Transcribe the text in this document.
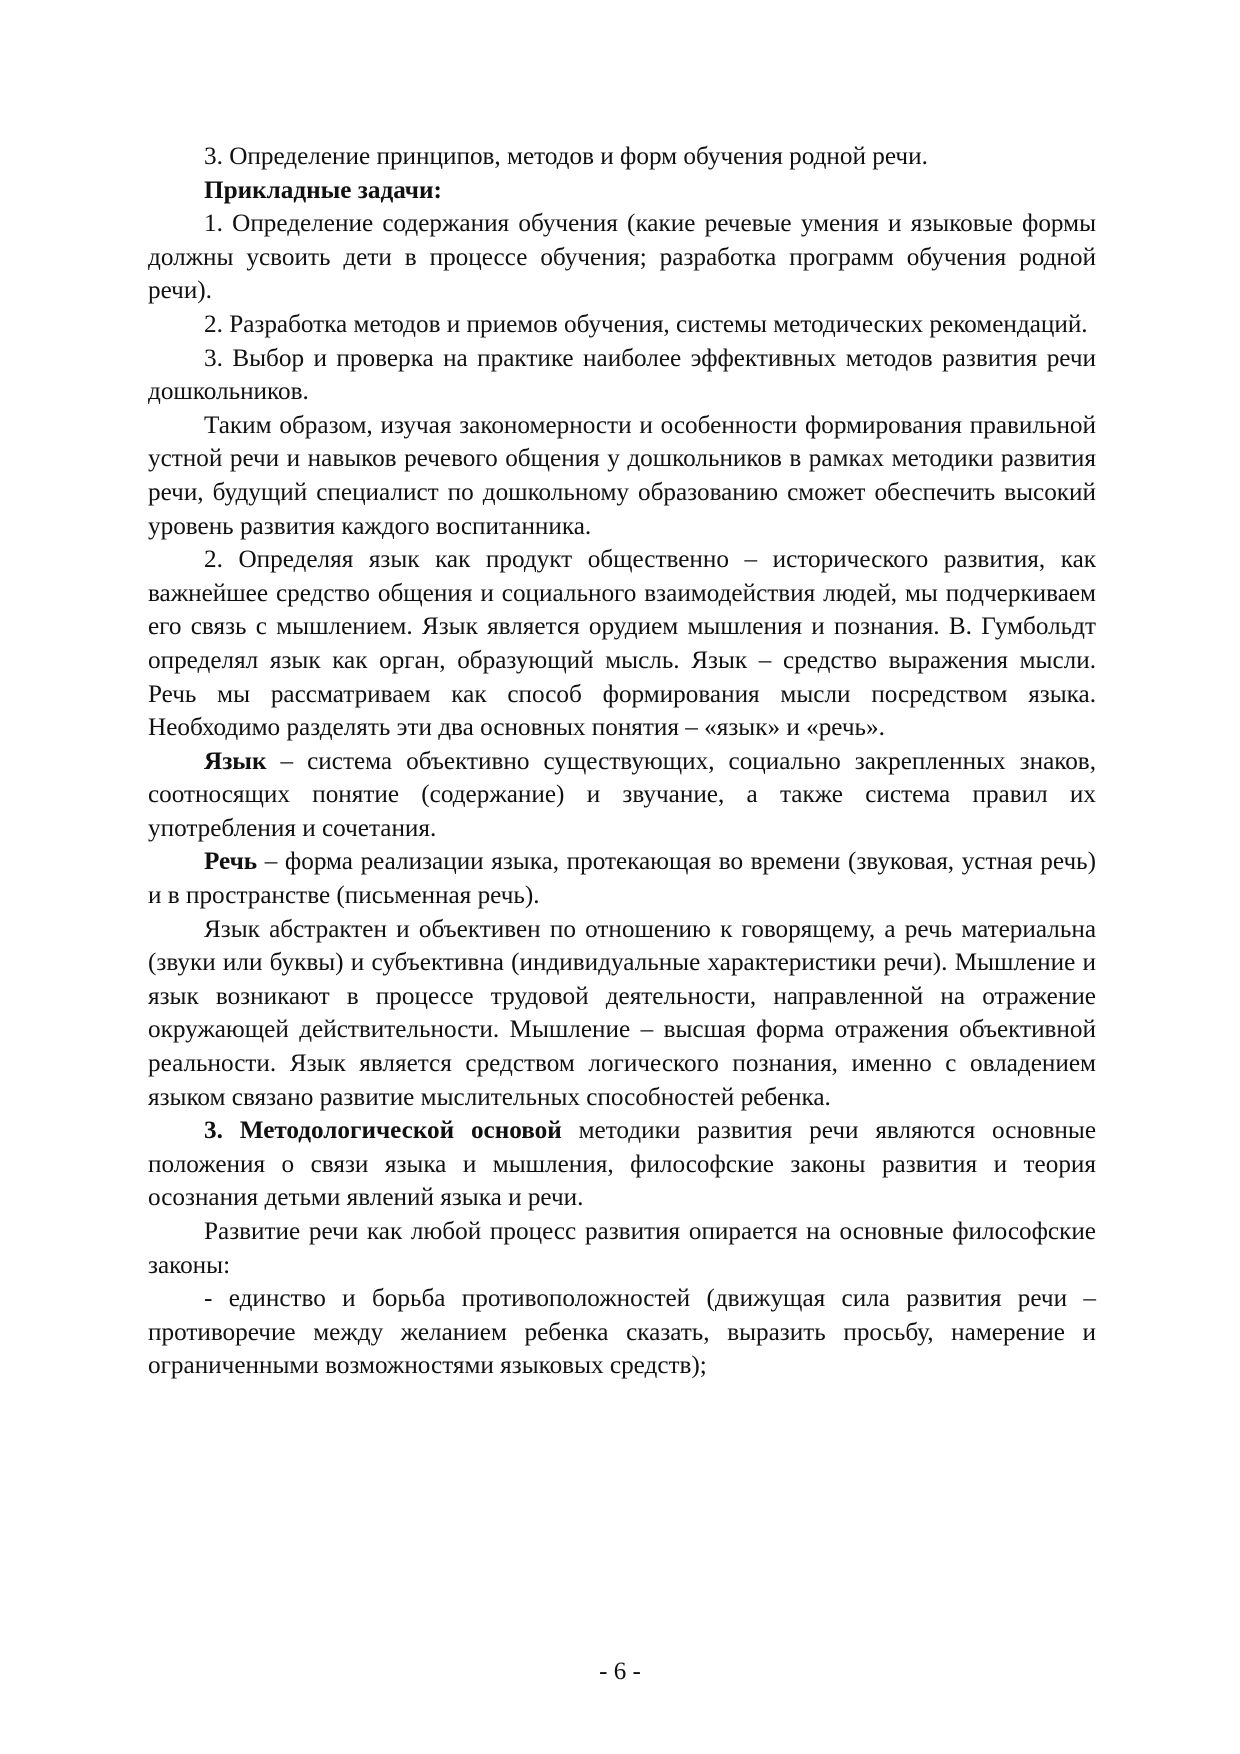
3. Определение принципов, методов и форм обучения родной речи.

Прикладные задачи:

1. Определение содержания обучения (какие речевые умения и языковые формы должны усвоить дети в процессе обучения; разработка программ обучения родной речи).

2. Разработка методов и приемов обучения, системы методических рекомендаций.

3. Выбор и проверка на практике наиболее эффективных методов развития речи дошкольников.

Таким образом, изучая закономерности и особенности формирования правильной устной речи и навыков речевого общения у дошкольников в рамках методики развития речи, будущий специалист по дошкольному образованию сможет обеспечить высокий уровень развития каждого воспитанника.

2. Определяя язык как продукт общественно – исторического развития, как важнейшее средство общения и социального взаимодействия людей, мы подчеркиваем его связь с мышлением. Язык является орудием мышления и познания. В. Гумбольдт определял язык как орган, образующий мысль. Язык – средство выражения мысли. Речь мы рассматриваем как способ формирования мысли посредством языка. Необходимо разделять эти два основных понятия – «язык» и «речь».

Язык – система объективно существующих, социально закрепленных знаков, соотносящих понятие (содержание) и звучание, а также система правил их употребления и сочетания.

Речь – форма реализации языка, протекающая во времени (звуковая, устная речь) и в пространстве (письменная речь).

Язык абстрактен и объективен по отношению к говорящему, а речь материальна (звуки или буквы) и субъективна (индивидуальные характеристики речи). Мышление и язык возникают в процессе трудовой деятельности, направленной на отражение окружающей действительности. Мышление – высшая форма отражения объективной реальности. Язык является средством логического познания, именно с овладением языком связано развитие мыслительных способностей ребенка.

3. Методологической основой методики развития речи являются основные положения о связи языка и мышления, философские законы развития и теория осознания детьми явлений языка и речи.

Развитие речи как любой процесс развития опирается на основные философские законы:

- единство и борьба противоположностей (движущая сила развития речи – противоречие между желанием ребенка сказать, выразить просьбу, намерение и ограниченными возможностями языковых средств);

- 6 -
